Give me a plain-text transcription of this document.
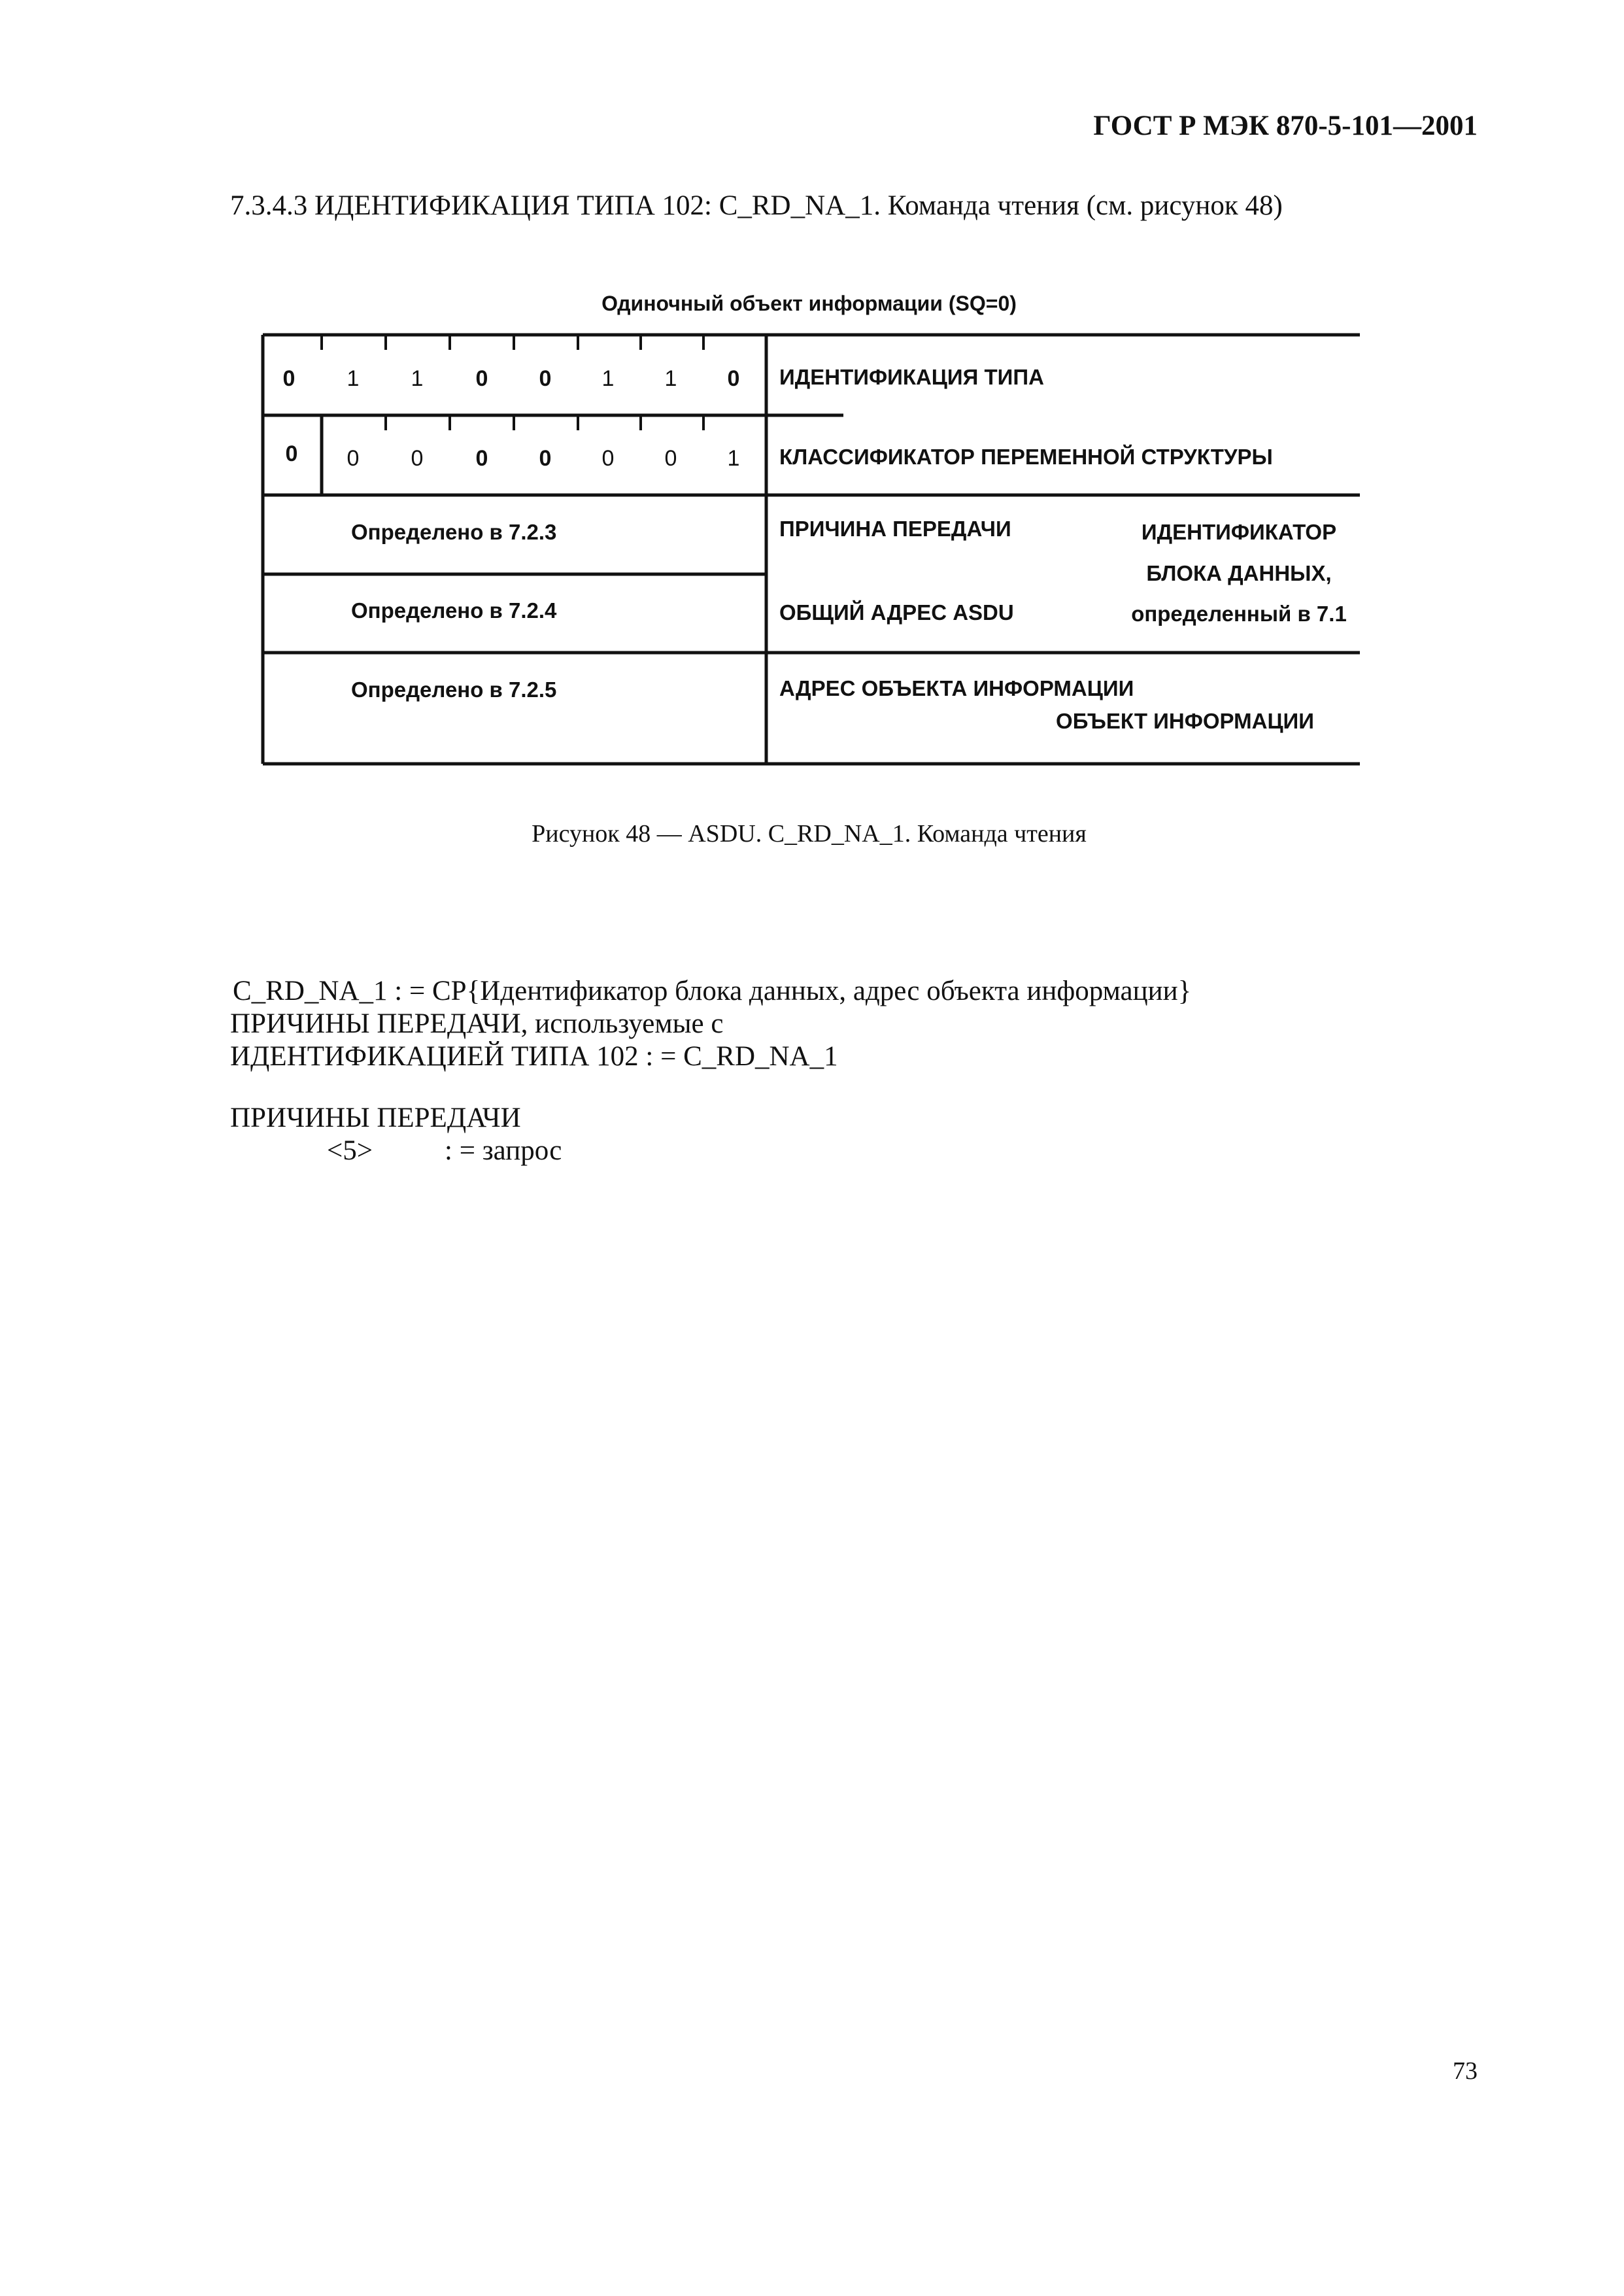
ГОСТ Р МЭК 870-5-101—2001
7.3.4.3 ИДЕНТИФИКАЦИЯ ТИПА 102: C_RD_NA_1. Команда чтения (см. рисунок 48)
Одиночный объект информации (SQ=0)
0 1 1 0 0 1 1 0 ИДЕНТИФИКАЦИЯ ТИПА
0 0 0 0 0 0 0 1 КЛАССИФИКАТОР ПЕРЕМЕННОЙ СТРУКТУРЫ
Определено в 7.2.3	ПРИЧИНА ПЕРЕДАЧИ
Определено в 7.2.4	ОБЩИЙ АДРЕС ASDU
ИДЕНТИФИКАТОР
БЛОКА ДАННЫХ,
определенный в 7.1
Определено в 7.2.5	АДРЕС ОБЪЕКТА ИНФОРМАЦИИ
ОБЪЕКТ ИНФОРМАЦИИ
Рисунок 48 — ASDU. C_RD_NA_1. Команда чтения
C_RD_NA_1 : = CP{Идентификатор блока данных, адрес объекта информации}
ПРИЧИНЫ ПЕРЕДАЧИ, используемые с
ИДЕНТИФИКАЦИЕЙ ТИПА 102 : = C_RD_NA_1
ПРИЧИНЫ ПЕРЕДАЧИ
<5>	: = запрос
73
